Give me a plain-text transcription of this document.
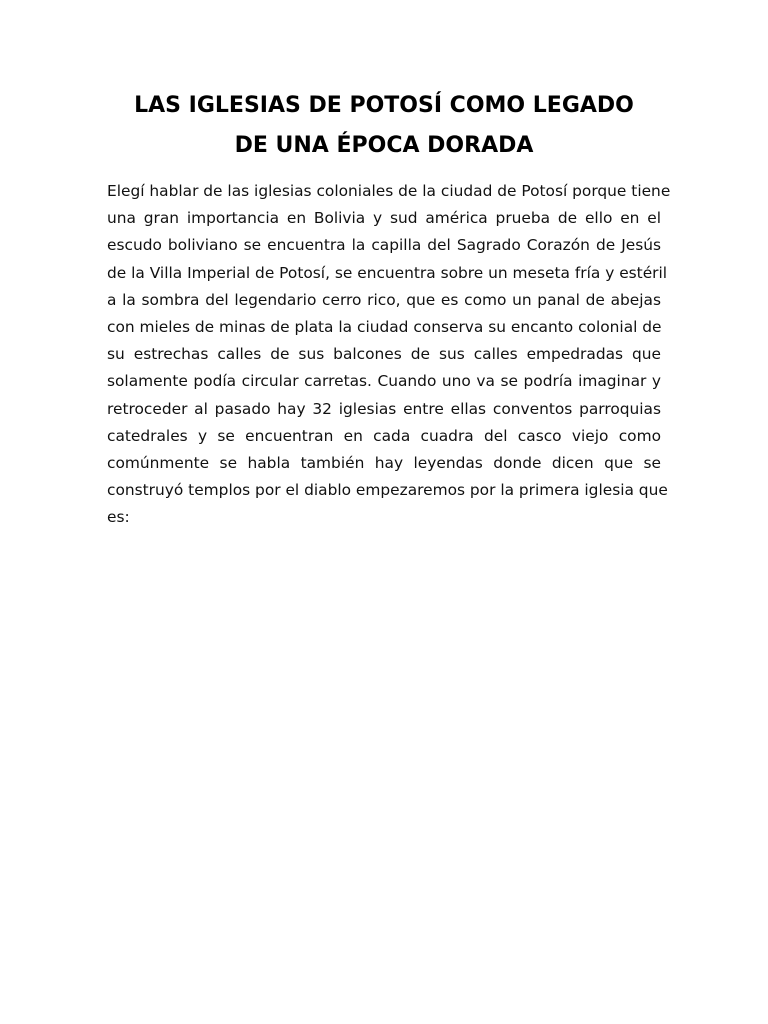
LAS IGLESIAS DE POTOSÍ COMO LEGADO
DE UNA ÉPOCA DORADA

Elegí hablar de las iglesias coloniales de la ciudad de Potosí porque tiene
una gran importancia en Bolivia y sud américa prueba de ello en el
escudo boliviano se encuentra la capilla del Sagrado Corazón de Jesús
de la Villa Imperial de Potosí, se encuentra sobre un meseta fría y estéril
a la sombra del legendario cerro rico, que es como un panal de abejas
con mieles de minas de plata la ciudad conserva su encanto colonial de
su estrechas calles de sus balcones de sus calles empedradas que
solamente podía circular carretas. Cuando uno va se podría imaginar y
retroceder al pasado hay 32 iglesias entre ellas conventos parroquias
catedrales y se encuentran en cada cuadra del casco viejo como
comúnmente se habla también hay leyendas donde dicen que se
construyó templos por el diablo empezaremos por la primera iglesia que
es:
